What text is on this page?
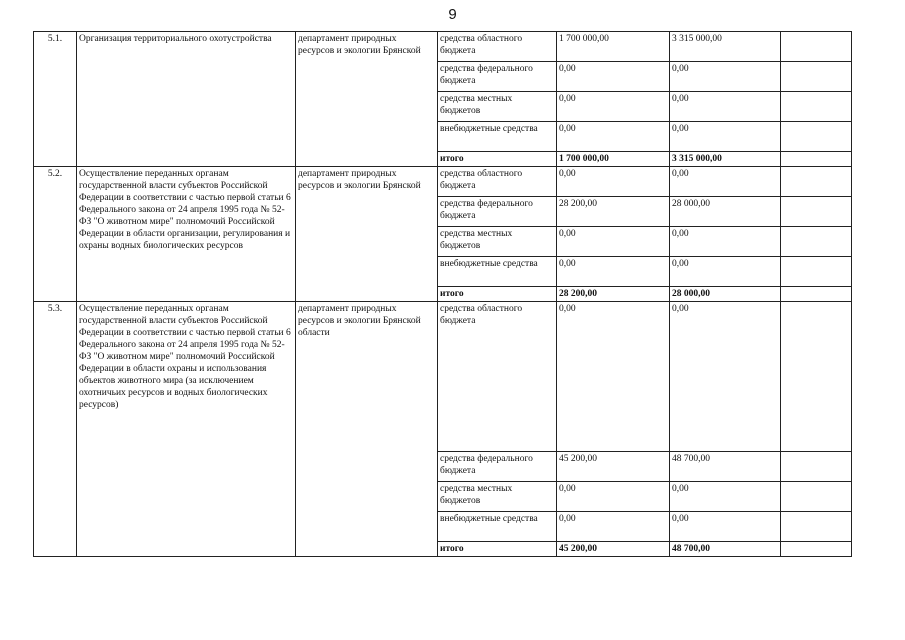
9
5.1.	Организация территориального охотустройства	департамент природных ресурсов и экологии Брянской	средства областного бюджета	1 700 000,00	3 315 000,00	
			средства федерального бюджета	0,00	0,00	
			средства местных бюджетов	0,00	0,00	
			внебюджетные средства	0,00	0,00	
			итого	1 700 000,00	3 315 000,00	
5.2.	Осуществление переданных органам государственной власти субъектов Российской Федерации в соответствии с частью первой статьи 6 Федерального закона от 24 апреля 1995 года № 52-ФЗ "О животном мире" полномочий Российской Федерации в области организации, регулирования и охраны водных биологических ресурсов	департамент природных ресурсов и экологии Брянской	средства областного бюджета	0,00	0,00	
			средства федерального бюджета	28 200,00	28 000,00	
			средства местных бюджетов	0,00	0,00	
			внебюджетные средства	0,00	0,00	
			итого	28 200,00	28 000,00	
5.3.	Осуществление переданных органам государственной власти субъектов Российской Федерации в соответствии с частью первой статьи 6 Федерального закона от 24 апреля 1995 года № 52-ФЗ "О животном мире" полномочий Российской Федерации в области охраны и использования объектов животного мира (за исключением охотничьих ресурсов и водных биологических ресурсов)	департамент природных ресурсов и экологии Брянской области	средства областного бюджета	0,00	0,00	
			средства федерального бюджета	45 200,00	48 700,00	
			средства местных бюджетов	0,00	0,00	
			внебюджетные средства	0,00	0,00	
			итого	45 200,00	48 700,00	
